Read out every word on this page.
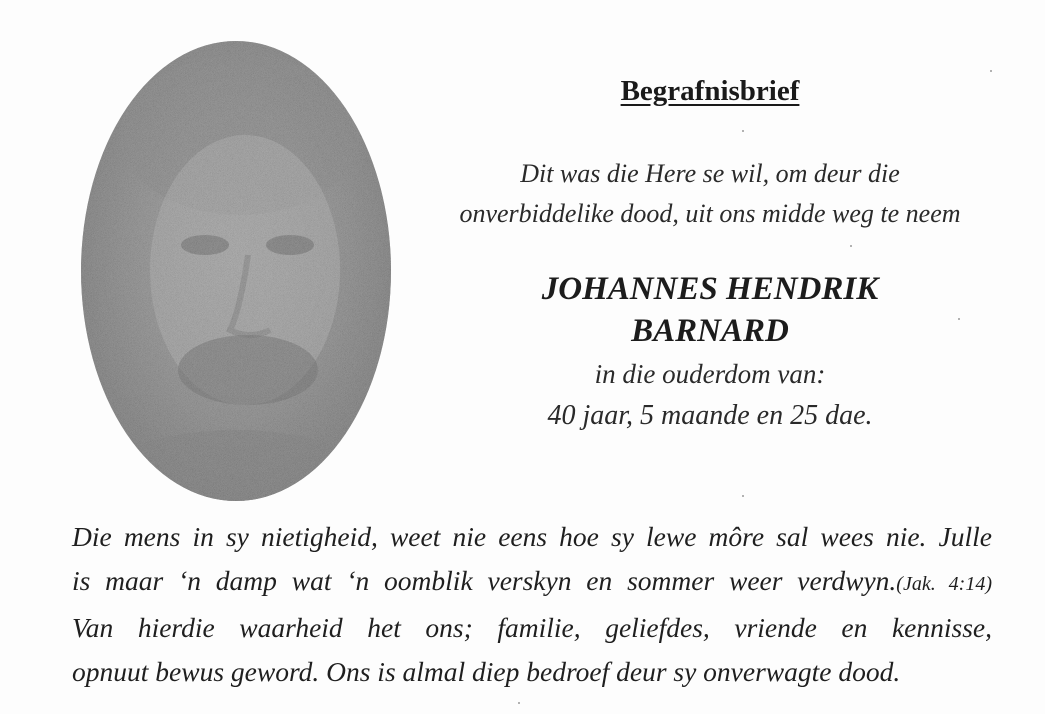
Begrafnisbrief
Dit was die Here se wil, om deur die
onverbiddelike dood, uit ons midde weg te neem
JOHANNES HENDRIK
BARNARD
in die ouderdom van:
40 jaar, 5 maande en 25 dae.
Die mens in sy nietigheid, weet nie eens hoe sy lewe môre sal wees nie. Julle
is maar ‘n damp wat ‘n oomblik verskyn en sommer weer verdwyn.(Jak. 4:14)
Van hierdie waarheid het ons; familie, geliefdes, vriende en kennisse,
opnuut bewus geword. Ons is almal diep bedroef deur sy onverwagte dood.
